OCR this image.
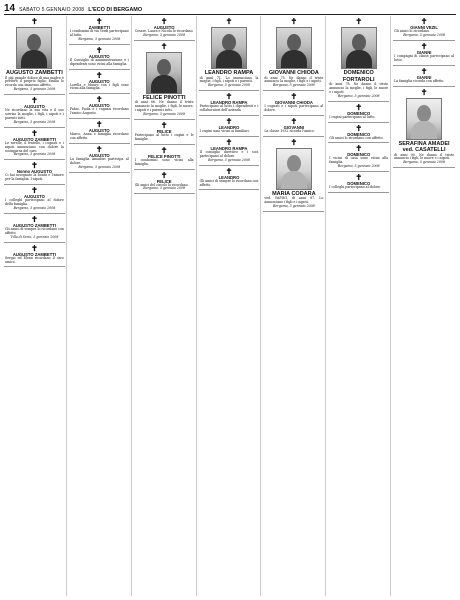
14 SABATO 5 GENNAIO 2008 L'ECO DI BERGAMO
✝
AUGUSTO ZAMBETTI
Il più grande dolore di una madre è perdere il proprio figlio; Emilia lo ricorda con immenso affetto.
Bergamo, 5 gennaio 2008
✝
AUGUSTO
Ne ricordano la sua vita e il suo sorriso la moglie, i figli, i nipoti e i parenti tutti.
Bergamo, 5 gennaio 2008
✝
AUGUSTO ZAMBETTI
Le sorelle, il fratello, i cognati e i nipoti annunciano con dolore la scomparsa del caro.
Bergamo, 5 gennaio 2008
✝
Nonno AUGUSTO
Ci hai insegnato la bontà e l'amore per la famiglia. I nipoti.
✝
AUGUSTO
I colleghi partecipano al dolore della famiglia.
Bergamo, 5 gennaio 2008
✝
AUGUSTO ZAMBETTI
Gli amici di sempre lo ricordano con affetto.
Villa di Serio, 5 gennaio 2008
✝
AUGUSTO ZAMBETTI
Sergio ed Elena ricordano il caro amico.
✝
ZAMBETTI
I condomini di via Verdi partecipano al lutto.
Bergamo, 5 gennaio 2008
✝
AUGUSTO
Il Consiglio di amministrazione e i dipendenti sono vicini alla famiglia.
✝
AUGUSTO
Lorella e Mauro con i figli sono vicini alla famiglia.
✝
AUGUSTO
Fabio, Paola e i ragazzi ricordano l'amico Augusto.
✝
AUGUSTO
Marco, Anna e famiglia ricordano con affetto.
✝
AUGUSTO
La famiglia Amadori partecipa al dolore.
Bergamo, 5 gennaio 2008
✝
AUGUSTO
Cesare, Laura e Nicola lo ricordano.
Bergamo, 5 gennaio 2008
✝
FELICE PINOTTI
di anni 86. Ne danno il triste annuncio la moglie, i figli, le nuore, i nipoti e i parenti tutti.
Bergamo, 5 gennaio 2008
✝
FELICE
Partecipano al lutto i cugini e le famiglie.
✝
FELICE PINOTTI
I condomini sono vicini alla famiglia.
✝
FELICE
Gli amici del circolo lo ricordano.
Bergamo, 5 gennaio 2008
✝
LEANDRO RAMPA
di anni 71. Lo annunciano la moglie, i figli, i nipoti e i parenti.
Bergamo, 5 gennaio 2008
✝
LEANDRO RAMPA
Partecipano al lutto i dipendenti e i collaboratori dell'azienda.
✝
LEANDRO
I cugini sono vicini ai familiari.
✝
LEANDRO RAMPA
Il consiglio direttivo e i soci partecipano al dolore.
Bergamo, 5 gennaio 2008
✝
LEANDRO
Gli amici di sempre lo ricordano con affetto.
✝
GIOVANNI CHIODA
di anni 75. Ne danno il triste annuncio la moglie, i figli e i nipoti.
Bergamo, 5 gennaio 2008
✝
GIOVANNI CHIODA
I cognati e i nipoti partecipano al dolore.
✝
GIOVANNI
La classe 1932 ricorda l'amico.
✝
MARIA CODARA
ved. PAPINI, di anni 87. Lo annunciano i figli e i nipoti.
Bergamo, 5 gennaio 2008
✝
DOMENICO FORTAROLI
di anni 78. Ne danno il triste annuncio la moglie, i figli, le nuore e i nipoti.
Bergamo, 5 gennaio 2008
✝
DOMENICO
I cugini partecipano al lutto.
✝
DOMENICO
Gli amici lo ricordano con affetto.
✝
DOMENICO
I vicini di casa sono vicini alla famiglia.
Bergamo, 5 gennaio 2008
✝
DOMENICO
I colleghi partecipano al dolore.
✝
GIANNI VEZIL
Gli amici lo ricordano.
Bergamo, 5 gennaio 2008
✝
GIANNI
I compagni di classe partecipano al lutto.
✝
GIANNI
La famiglia ricorda con affetto.
✝
SERAFINA AMADEI ved. CASATELLI
di anni 90. Ne danno il triste annuncio i figli, le nuore e i nipoti.
Bergamo, 5 gennaio 2008
